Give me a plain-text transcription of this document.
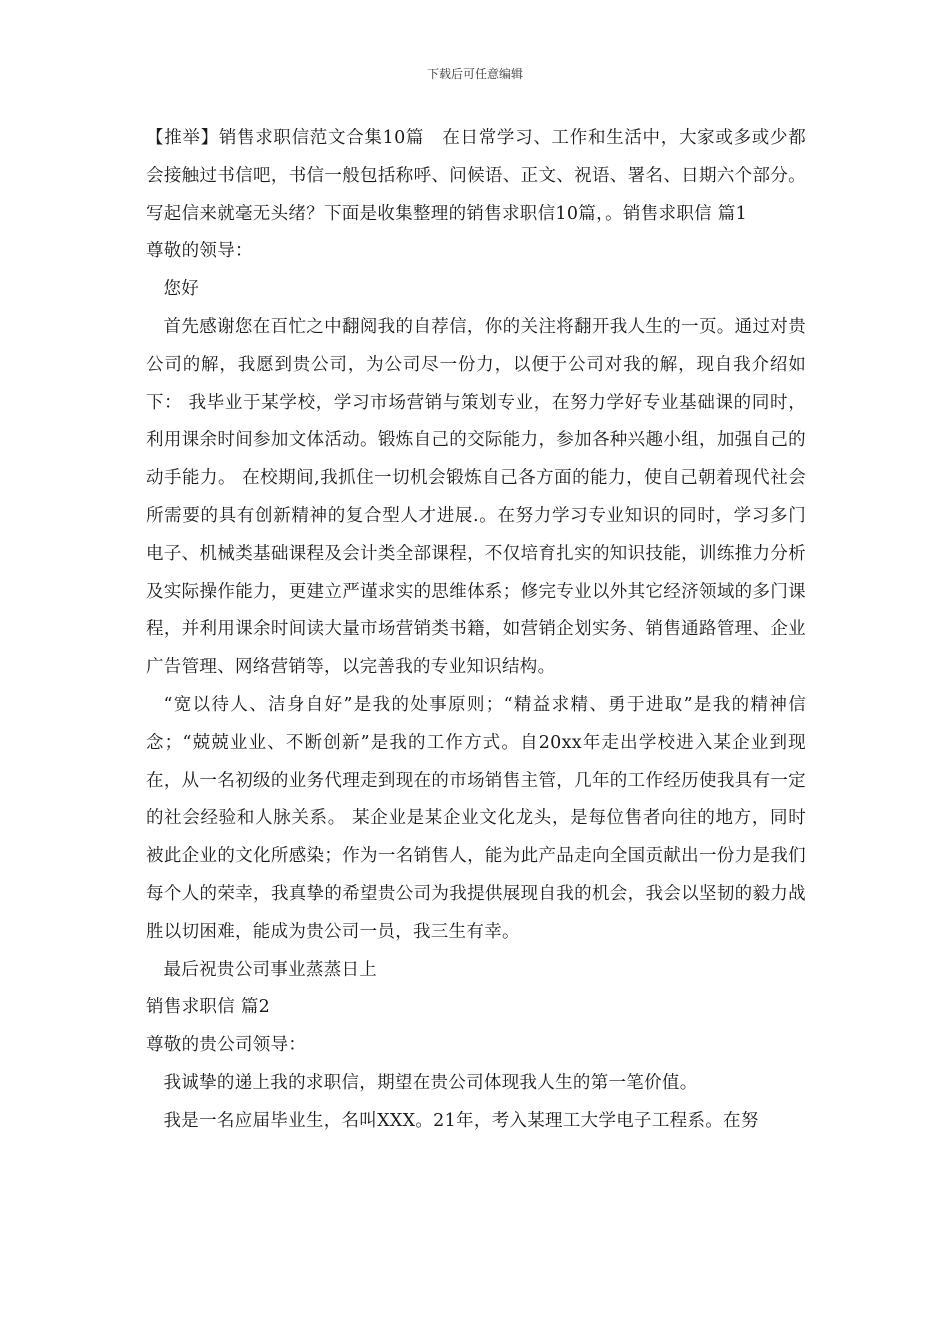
下载后可任意编辑

【推举】销售求职信范文合集10篇　在日常学习、工作和生活中，大家或多或少都会接触过书信吧，书信一般包括称呼、问候语、正文、祝语、署名、日期六个部分。写起信来就毫无头绪？下面是收集整理的销售求职信10篇，。销售求职信 篇1

尊敬的领导：

您好

首先感谢您在百忙之中翻阅我的自荐信，你的关注将翻开我人生的一页。通过对贵公司的解，我愿到贵公司，为公司尽一份力，以便于公司对我的解，现自我介绍如下： 我毕业于某学校，学习市场营销与策划专业，在努力学好专业基础课的同时，利用课余时间参加文体活动。锻炼自己的交际能力，参加各种兴趣小组，加强自己的动手能力。 在校期间,我抓住一切机会锻炼自己各方面的能力，使自己朝着现代社会所需要的具有创新精神的复合型人才进展.。在努力学习专业知识的同时，学习多门电子、机械类基础课程及会计类全部课程，不仅培育扎实的知识技能，训练推力分析及实际操作能力，更建立严谨求实的思维体系；修完专业以外其它经济领域的多门课程，并利用课余时间读大量市场营销类书籍，如营销企划实务、销售通路管理、企业广告管理、网络营销等，以完善我的专业知识结构。

“宽以待人、洁身自好”是我的处事原则；“精益求精、勇于进取”是我的精神信念；“兢兢业业、不断创新”是我的工作方式。自20xx年走出学校进入某企业到现在，从一名初级的业务代理走到现在的市场销售主管，几年的工作经历使我具有一定的社会经验和人脉关系。 某企业是某企业文化龙头，是每位售者向往的地方，同时被此企业的文化所感染；作为一名销售人，能为此产品走向全国贡献出一份力是我们每个人的荣幸，我真挚的希望贵公司为我提供展现自我的机会，我会以坚韧的毅力战胜以切困难，能成为贵公司一员，我三生有幸。

最后祝贵公司事业蒸蒸日上

销售求职信 篇2

尊敬的贵公司领导：

我诚挚的递上我的求职信，期望在贵公司体现我人生的第一笔价值。

我是一名应届毕业生，名叫XXX。21年，考入某理工大学电子工程系。在努
